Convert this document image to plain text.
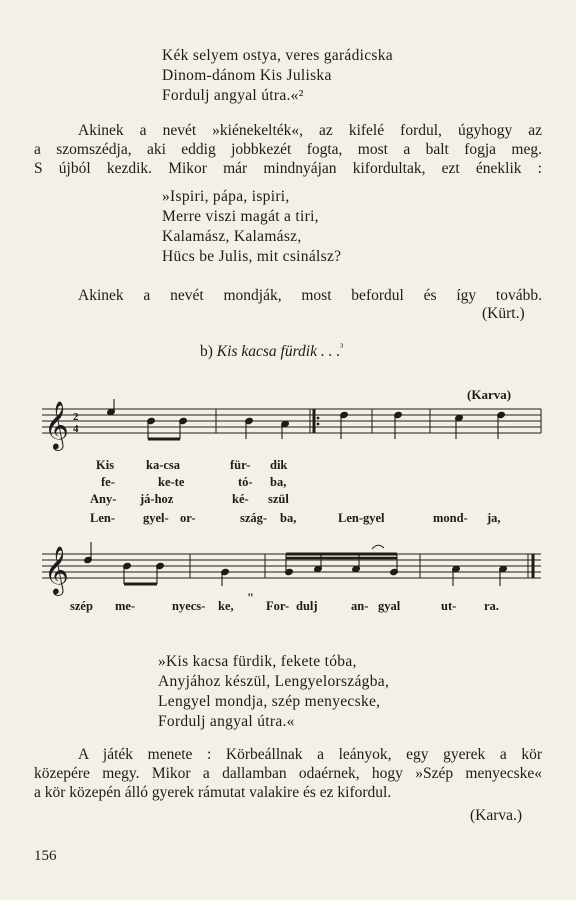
Kék selyem ostya, veres garádicska
Dinom-dánom Kis Juliska
Fordulj angyal útra.«²
Akinek a nevét »kiénekelték«, az kifelé fordul, úgyhogy az
a szomszédja, aki eddig jobbkezét fogta, most a balt fogja meg.
S újból kezdik. Mikor már mindnyájan kifordultak, ezt éneklik :
»Ispiri, pápa, ispiri,
Merre viszi magát a tiri,
Kalamász, Kalamász,
Hücs be Julis, mit csinálsz?
Akinek a nevét mondják, most befordul és így tovább.
(Kürt.)
b) Kis kacsa fürdik . . .$^{^3}$
(Karva)
𝄞 2
4
Kis	ka-csa	für- dik
fe-	ke-te	tó- ba,
Any- já-hoz	ké- szül
Len- gyel- or-	szág- ba,	Len-gyel	mond- ja,
𝄞
szép me-	nyecs- ke,
"
For- dulj	an- gyal	ut- ra.
»Kis kacsa fürdik, fekete tóba,
Anyjához készül, Lengyelországba,
Lengyel mondja, szép menyecske,
Fordulj angyal útra.«
A játék menete : Körbeállnak a leányok, egy gyerek a kör
közepére megy. Mikor a dallamban odaérnek, hogy »Szép menyecske«
a kör közepén álló gyerek rámutat valakire és ez kifordul.
(Karva.)
156
